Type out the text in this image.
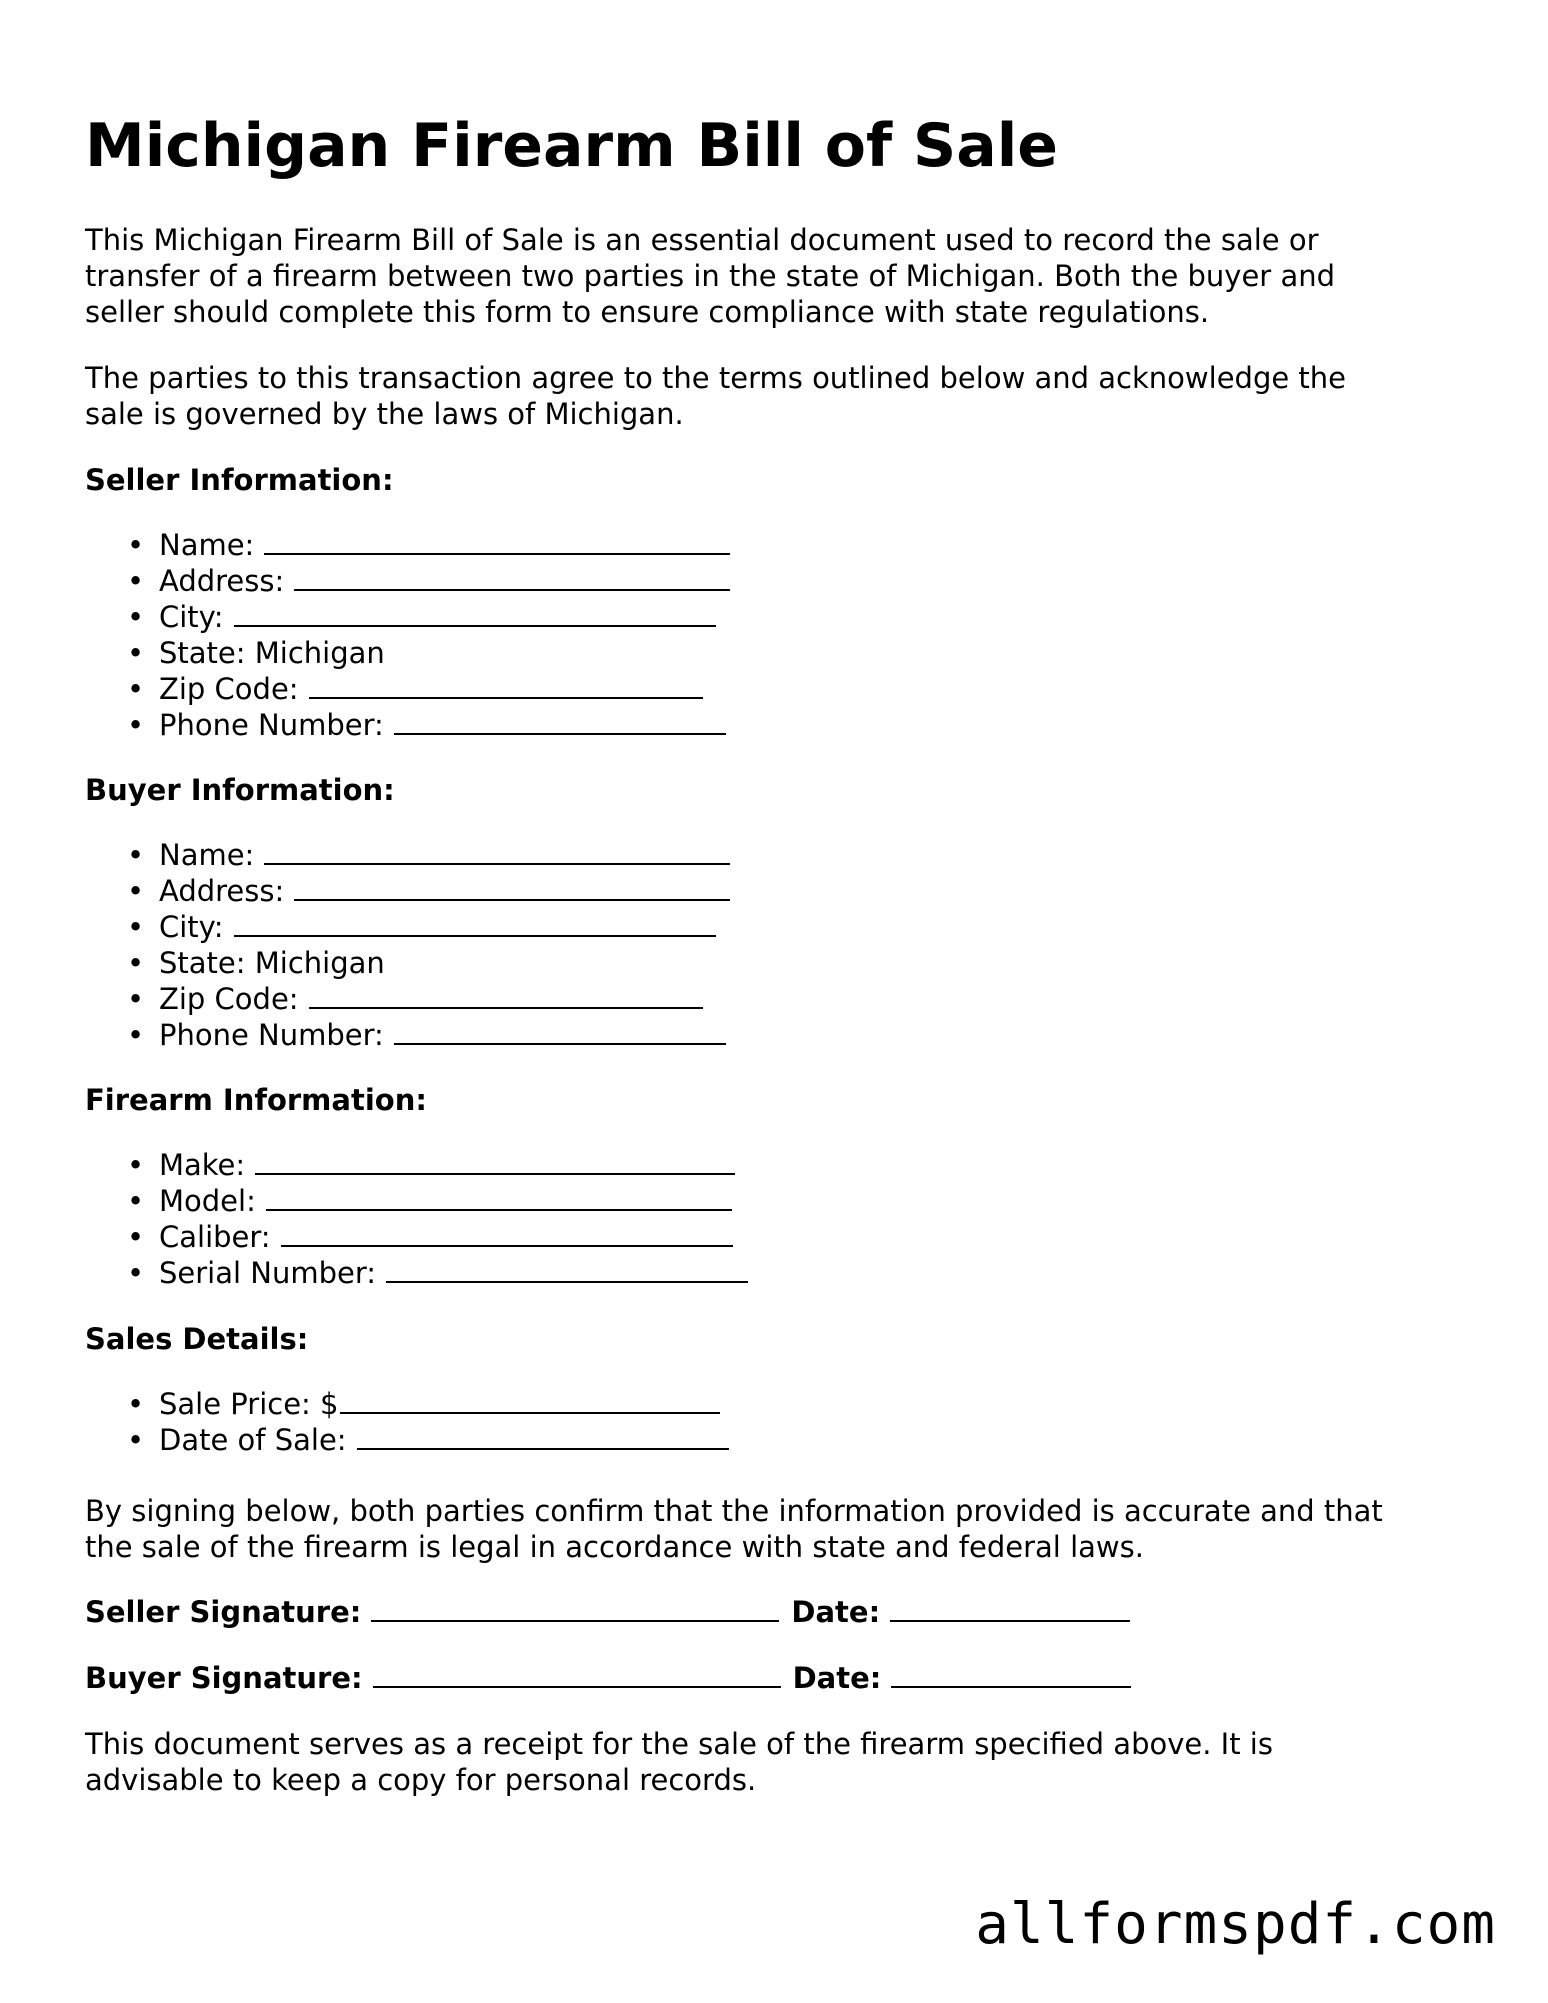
Michigan Firearm Bill of Sale

This Michigan Firearm Bill of Sale is an essential document used to record the sale or
transfer of a firearm between two parties in the state of Michigan. Both the buyer and
seller should complete this form to ensure compliance with state regulations.

The parties to this transaction agree to the terms outlined below and acknowledge the
sale is governed by the laws of Michigan.

Seller Information:
• Name:
• Address:
• City:
• State: Michigan
• Zip Code:
• Phone Number:
Buyer Information:
• Name:
• Address:
• City:
• State: Michigan
• Zip Code:
• Phone Number:
Firearm Information:
• Make:
• Model:
• Caliber:
• Serial Number:
Sales Details:
• Sale Price: $
• Date of Sale:

By signing below, both parties confirm that the information provided is accurate and that
the sale of the firearm is legal in accordance with state and federal laws.

Seller Signature:	Date:
Buyer Signature:	Date:

This document serves as a receipt for the sale of the firearm specified above. It is
advisable to keep a copy for personal records.

allformspdf.com
